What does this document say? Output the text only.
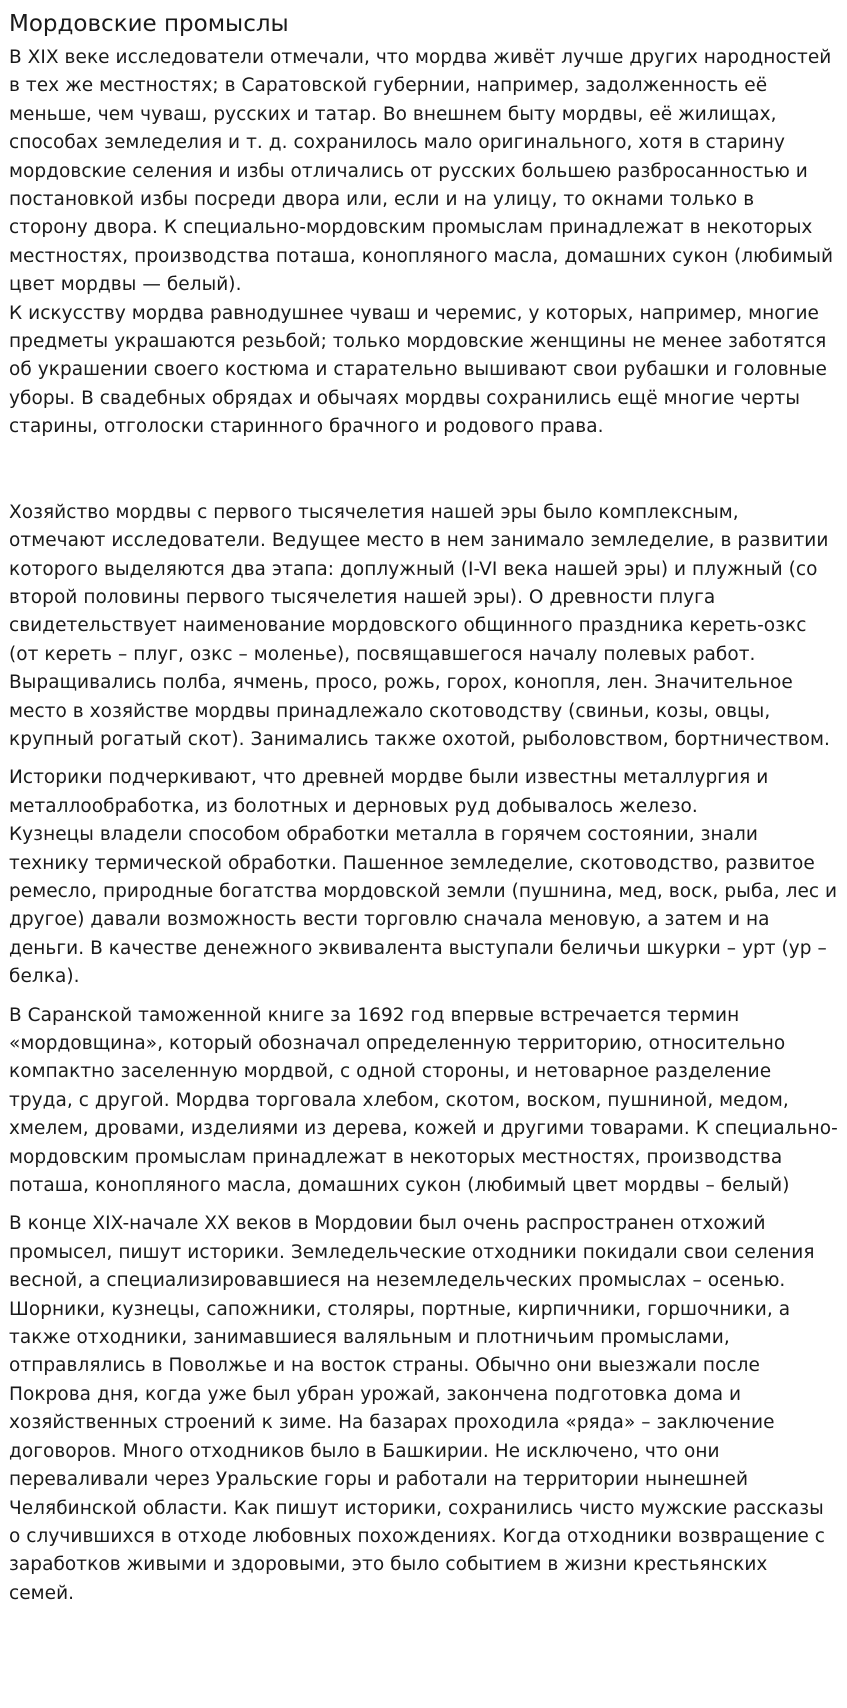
Мордовские промыслы

В XIX веке исследователи отмечали, что мордва живёт лучше других народностей в тех же местностях; в Саратовской губернии, например, задолженность её меньше, чем чуваш, русских и татар. Во внешнем быту мордвы, её жилищах, способах земледелия и т. д. сохранилось мало оригинального, хотя в старину мордовские селения и избы отличались от русских большею разбросанностью и постановкой избы посреди двора или, если и на улицу, то окнами только в сторону двора. К специально-мордовским промыслам принадлежат в некоторых местностях, производства поташа, конопляного масла, домашних сукон (любимый цвет мордвы — белый).

К искусству мордва равнодушнее чуваш и черемис, у которых, например, многие предметы украшаются резьбой; только мордовские женщины не менее заботятся об украшении своего костюма и старательно вышивают свои рубашки и головные уборы. В свадебных обрядах и обычаях мордвы сохранились ещё многие черты старины, отголоски старинного брачного и родового права.

Хозяйство мордвы с первого тысячелетия нашей эры было комплексным, отмечают исследователи. Ведущее место в нем занимало земледелие, в развитии которого выделяются два этапа: доплужный (I-VI века нашей эры) и плужный (со второй половины первого тысячелетия нашей эры). О древности плуга свидетельствует наименование мордовского общинного праздника кереть-озкс (от кереть – плуг, озкс – моленье), посвящавшегося началу полевых работ. Выращивались полба, ячмень, просо, рожь, горох, конопля, лен. Значительное место в хозяйстве мордвы принадлежало скотоводству (свиньи, козы, овцы, крупный рогатый скот). Занимались также охотой, рыболовством, бортничеством.

Историки подчеркивают, что древней мордве были известны металлургия и металлообработка, из болотных и дерновых руд добывалось железо.

Кузнецы владели способом обработки металла в горячем состоянии, знали технику термической обработки. Пашенное земледелие, скотоводство, развитое ремесло, природные богатства мордовской земли (пушнина, мед, воск, рыба, лес и другое) давали возможность вести торговлю сначала меновую, а затем и на деньги. В качестве денежного эквивалента выступали беличьи шкурки – урт (ур – белка).

В Саранской таможенной книге за 1692 год впервые встречается термин «мордовщина», который обозначал определенную территорию, относительно компактно заселенную мордвой, с одной стороны, и нетоварное разделение труда, с другой. Мордва торговала хлебом, скотом, воском, пушниной, медом, хмелем, дровами, изделиями из дерева, кожей и другими товарами. К специально-мордовским промыслам принадлежат в некоторых местностях, производства поташа, конопляного масла, домашних сукон (любимый цвет мордвы – белый)

В конце XIX-начале XX веков в Мордовии был очень распространен отхожий промысел, пишут историки. Земледельческие отходники покидали свои селения весной, а специализировавшиеся на неземледельческих промыслах – осенью. Шорники, кузнецы, сапожники, столяры, портные, кирпичники, горшочники, а также отходники, занимавшиеся валяльным и плотничьим промыслами, отправлялись в Поволжье и на восток страны. Обычно они выезжали после Покрова дня, когда уже был убран урожай, закончена подготовка дома и хозяйственных строений к зиме. На базарах проходила «ряда» – заключение договоров. Много отходников было в Башкирии. Не исключено, что они переваливали через Уральские горы и работали на территории нынешней Челябинской области. Как пишут историки, сохранились чисто мужские рассказы о случившихся в отходе любовных похождениях. Когда отходники возвращение с заработков живыми и здоровыми, это было событием в жизни крестьянских семей.
